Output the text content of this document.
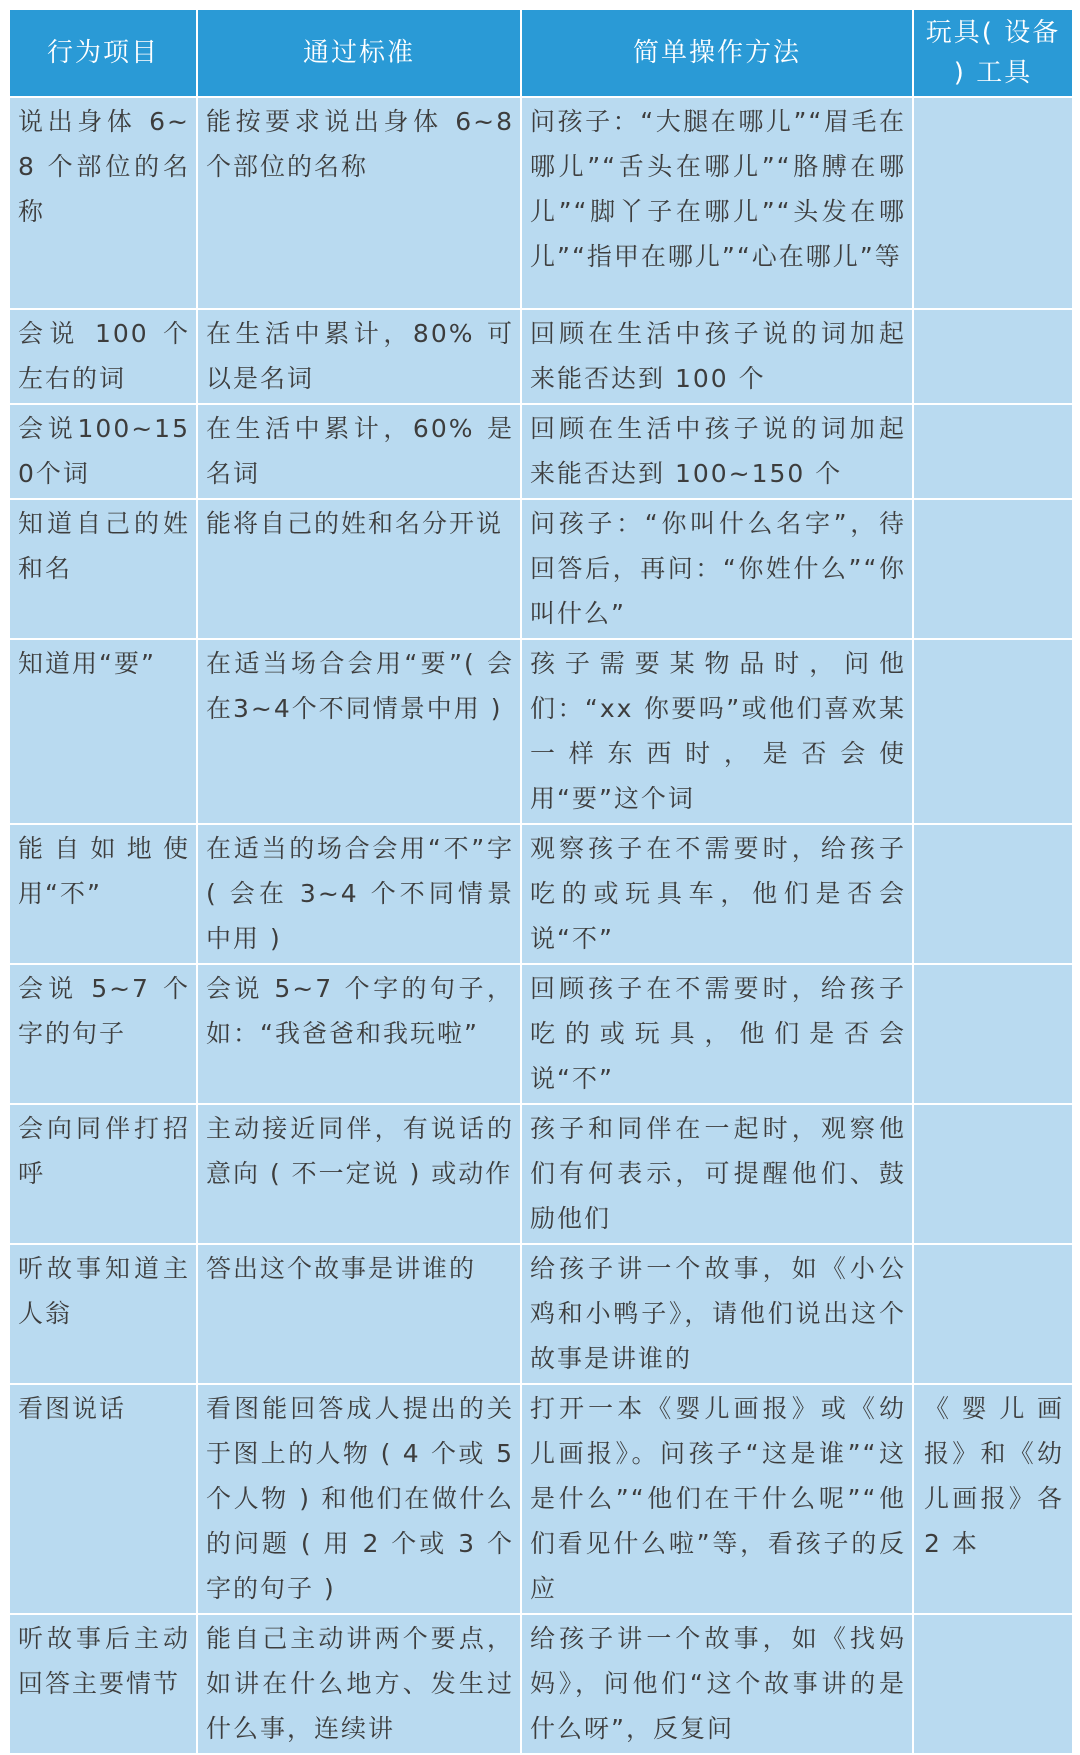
行为项目	通过标准	简单操作方法	玩具( 设备 ) 工具
说出身体 6~8 个部位的名称	能按要求说出身体 6~8 个部位的名称	问孩子：“大腿在哪儿”“眉毛在哪儿”“舌头在哪儿”“胳膊在哪儿”“脚丫子在哪儿”“头发在哪儿”“指甲在哪儿”“心在哪儿”等	
会说 100 个左右的词	在生活中累计，80% 可以是名词	回顾在生活中孩子说的词加起来能否达到 100 个	
会说100~150个词	在生活中累计，60% 是名词	回顾在生活中孩子说的词加起来能否达到 100~150 个	
知道自己的姓和名	能将自己的姓和名分开说	问孩子：“你叫什么名字”，待回答后，再问：“你姓什么”“你叫什么”	
知道用“要”	在适当场合会用“要”( 会在3~4个不同情景中用 )	孩子需要某物品时，问他们：“xx 你要吗”或他们喜欢某一样东西时，是否会使用“要”这个词	
能自如地使用“不”	在适当的场合会用“不”字 ( 会在 3~4 个不同情景中用 )	观察孩子在不需要时，给孩子吃的或玩具车，他们是否会说“不”	
会说 5~7 个字的句子	会说 5~7 个字的句子，如：“我爸爸和我玩啦”	回顾孩子在不需要时，给孩子吃的或玩具，他们是否会说“不”	
会向同伴打招呼	主动接近同伴，有说话的意向 ( 不一定说 ) 或动作	孩子和同伴在一起时，观察他们有何表示，可提醒他们、鼓励他们	
听故事知道主人翁	答出这个故事是讲谁的	给孩子讲一个故事，如《小公鸡和小鸭子》，请他们说出这个故事是讲谁的	
看图说话	看图能回答成人提出的关于图上的人物 ( 4 个或 5 个人物 ) 和他们在做什么的问题 ( 用 2 个或 3 个字的句子 )	打开一本《婴儿画报》或《幼儿画报》。问孩子“这是谁”“这是什么”“他们在干什么呢”“他们看见什么啦”等，看孩子的反应	《婴儿画报》和《幼儿画报》各 2 本
听故事后主动回答主要情节	能自己主动讲两个要点，如讲在什么地方、发生过什么事，连续讲	给孩子讲一个故事，如《找妈妈》，问他们“这个故事讲的是什么呀”，反复问	
